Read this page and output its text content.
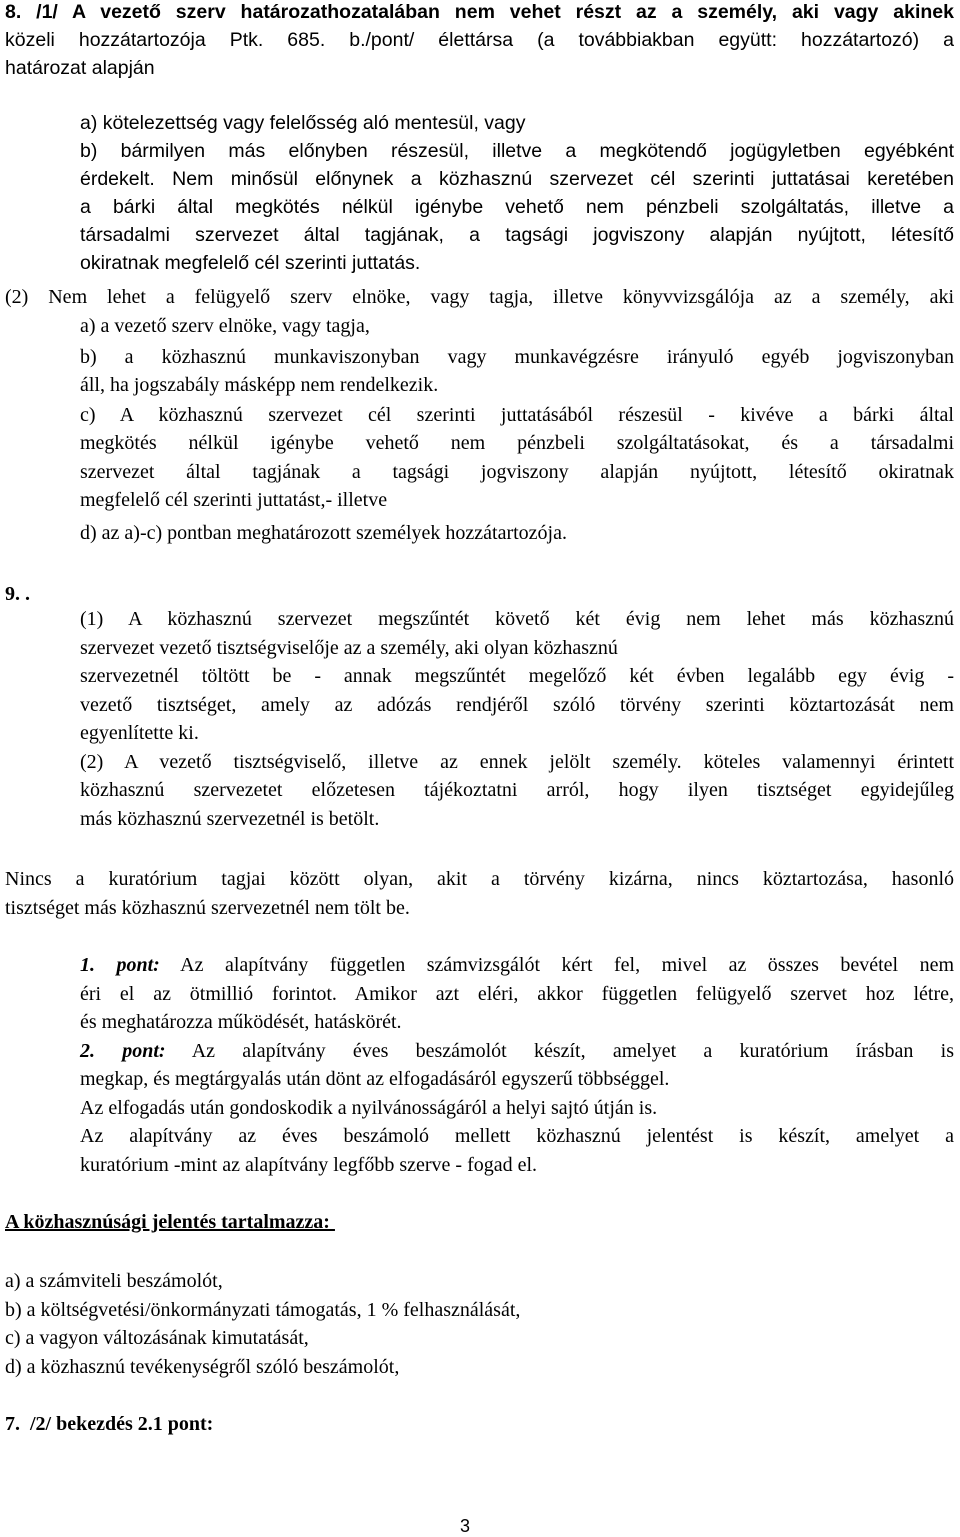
8. /1/ A vezető szerv határozathozatalában nem vehet részt az a személy, aki vagy akinek
közeli hozzátartozója Ptk. 685. b./pont/ élettársa (a továbbiakban együtt: hozzátartozó) a
határozat alapján
a) kötelezettség vagy felelősség aló mentesül, vagy
b) bármilyen más előnyben részesül, illetve a megkötendő jogügyletben egyébként
érdekelt. Nem minősül előnynek a közhasznú szervezet cél szerinti juttatásai keretében
a bárki által megkötés nélkül igénybe vehető nem pénzbeli szolgáltatás, illetve a
társadalmi szervezet által tagjának, a tagsági jogviszony alapján nyújtott, létesítő
okiratnak megfelelő cél szerinti juttatás.
(2) Nem lehet a felügyelő szerv elnöke, vagy tagja, illetve könyvvizsgálója az a személy, aki
a) a vezető szerv elnöke, vagy tagja,
b) a közhasznú munkaviszonyban vagy munkavégzésre irányuló egyéb jogviszonyban
áll, ha jogszabály másképp nem rendelkezik.
c) A közhasznú szervezet cél szerinti juttatásából részesül - kivéve a bárki által
megkötés nélkül igénybe vehető nem pénzbeli szolgáltatásokat, és a társadalmi
szervezet által tagjának a tagsági jogviszony alapján nyújtott, létesítő okiratnak
megfelelő cél szerinti juttatást,- illetve
d) az a)-c) pontban meghatározott személyek hozzátartozója.
9. .
(1) A közhasznú szervezet megszűntét követő két évig nem lehet más közhasznú
szervezet vezető tisztségviselője az a személy, aki olyan közhasznú
szervezetnél töltött be - annak megszűntét megelőző két évben legalább egy évig -
vezető tisztséget, amely az adózás rendjéről szóló törvény szerinti köztartozását nem
egyenlítette ki.
(2) A vezető tisztségviselő, illetve az ennek jelölt személy. köteles valamennyi érintett
közhasznú szervezetet előzetesen tájékoztatni arról, hogy ilyen tisztséget egyidejűleg
más közhasznú szervezetnél is betölt.
Nincs a kuratórium tagjai között olyan, akit a törvény kizárna, nincs köztartozása, hasonló
tisztséget más közhasznú szervezetnél nem tölt be.
1. pont: Az alapítvány független számvizsgálót kért fel, mivel az összes bevétel nem
éri el az ötmillió forintot. Amikor azt eléri, akkor független felügyelő szervet hoz létre,
és meghatározza működését, hatáskörét.
2. pont: Az alapítvány éves beszámolót készít, amelyet a kuratórium írásban is
megkap, és megtárgyalás után dönt az elfogadásáról egyszerű többséggel.
Az elfogadás után gondoskodik a nyilvánosságáról a helyi sajtó útján is.
Az alapítvány az éves beszámoló mellett közhasznú jelentést is készít, amelyet a
kuratórium -mint az alapítvány legfőbb szerve - fogad el.
A közhasznúsági jelentés tartalmazza:
a) a számviteli beszámolót,
b) a költségvetési/önkormányzati támogatás, 1 % felhasználását,
c) a vagyon változásának kimutatását,
d) a közhasznú tevékenységről szóló beszámolót,
7.  /2/ bekezdés 2.1 pont:
3
